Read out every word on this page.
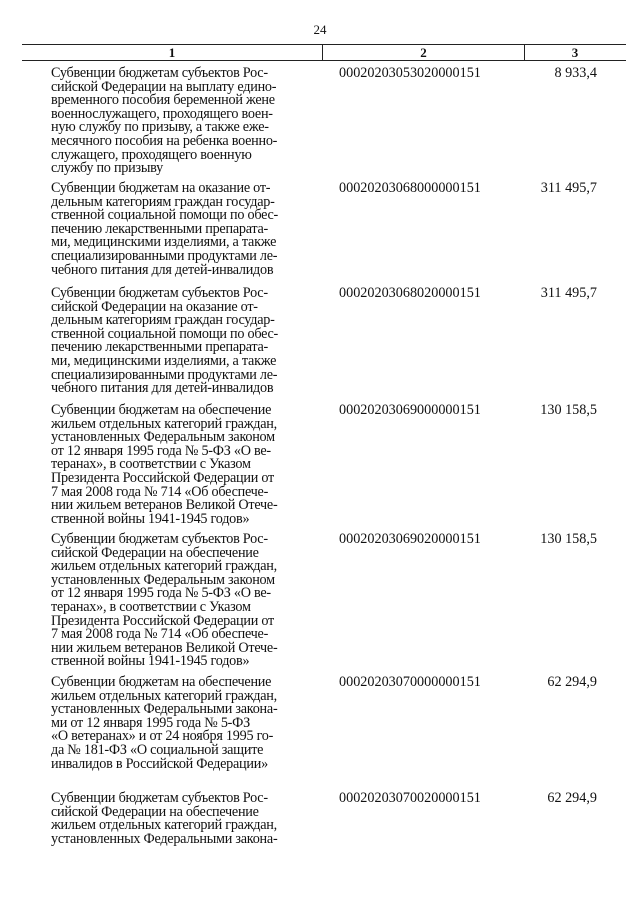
24
1	2	3

Субвенции бюджетам субъектов Рос-
сийской Федерации на выплату едино-
временного пособия беременной жене
военнослужащего, проходящего воен-
ную службу по призыву, а также еже-
месячного пособия на ребенка военно-
служащего, проходящего военную
службу по призыву

00020203053020000151	8 933,4

Субвенции бюджетам на оказание от-
дельным категориям граждан государ-
ственной социальной помощи по обес-
печению лекарственными препарата-
ми, медицинскими изделиями, а также
специализированными продуктами ле-
чебного питания для детей-инвалидов

00020203068000000151	311 495,7

Субвенции бюджетам субъектов Рос-
сийской Федерации на оказание от-
дельным категориям граждан государ-
ственной социальной помощи по обес-
печению лекарственными препарата-
ми, медицинскими изделиями, а также
специализированными продуктами ле-
чебного питания для детей-инвалидов

00020203068020000151	311 495,7

Субвенции бюджетам на обеспечение
жильем отдельных категорий граждан,
установленных Федеральным законом
от 12 января 1995 года № 5-ФЗ «О ве-
теранах», в соответствии с Указом
Президента Российской Федерации от
7 мая 2008 года № 714 «Об обеспече-
нии жильем ветеранов Великой Отече-
ственной войны 1941-1945 годов»

00020203069000000151	130 158,5

Субвенции бюджетам субъектов Рос-
сийской Федерации на обеспечение
жильем отдельных категорий граждан,
установленных Федеральным законом
от 12 января 1995 года № 5-ФЗ «О ве-
теранах», в соответствии с Указом
Президента Российской Федерации от
7 мая 2008 года № 714 «Об обеспече-
нии жильем ветеранов Великой Отече-
ственной войны 1941-1945 годов»

00020203069020000151	130 158,5

Субвенции бюджетам на обеспечение
жильем отдельных категорий граждан,
установленных Федеральными закона-
ми от 12 января 1995 года № 5-ФЗ
«О ветеранах» и от 24 ноября 1995 го-
да № 181-ФЗ «О социальной защите
инвалидов в Российской Федерации»

00020203070000000151	62 294,9

Субвенции бюджетам субъектов Рос-
сийской Федерации на обеспечение
жильем отдельных категорий граждан,
установленных Федеральными закона-

00020203070020000151	62 294,9
